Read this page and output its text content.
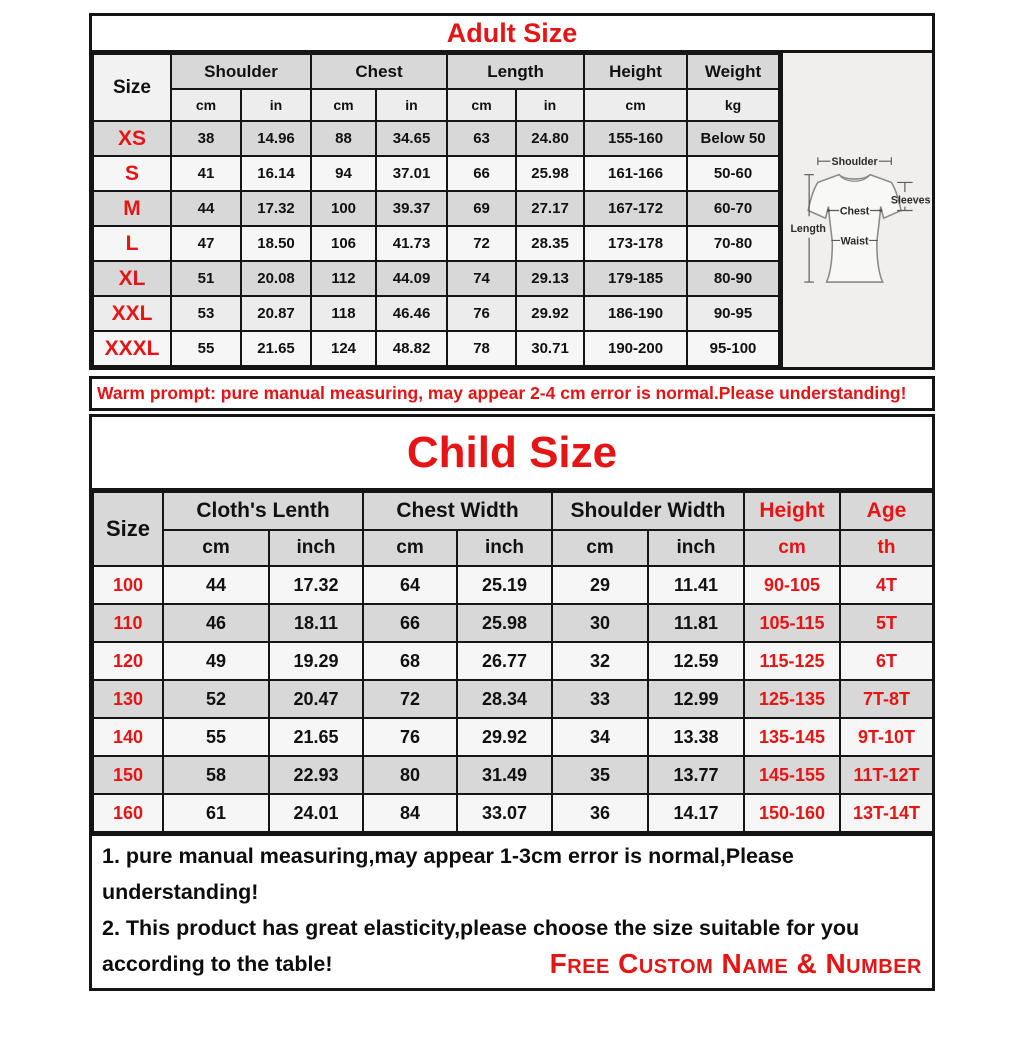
Adult Size
Size	Shoulder		Chest		Length		Height	Weight
	cm	in	cm	in	cm	in	cm	kg
XS	38	14.96	88	34.65	63	24.80	155-160	Below 50
S	41	16.14	94	37.01	66	25.98	161-166	50-60
M	44	17.32	100	39.37	69	27.17	167-172	60-70
L	47	18.50	106	41.73	72	28.35	173-178	70-80
XL	51	20.08	112	44.09	74	29.13	179-185	80-90
XXL	53	20.87	118	46.46	76	29.92	186-190	90-95
XXXL	55	21.65	124	48.82	78	30.71	190-200	95-100
Shoulder
Sleeves
Chest
Length
Waist
Warm prompt: pure manual measuring, may appear 2-4 cm error is normal.Please understanding!
Child Size
Size	Cloth's Lenth		Chest Width		Shoulder Width		Height	Age
	cm	inch	cm	inch	cm	inch	cm	th
100	44	17.32	64	25.19	29	11.41	90-105	4T
110	46	18.11	66	25.98	30	11.81	105-115	5T
120	49	19.29	68	26.77	32	12.59	115-125	6T
130	52	20.47	72	28.34	33	12.99	125-135	7T-8T
140	55	21.65	76	29.92	34	13.38	135-145	9T-10T
150	58	22.93	80	31.49	35	13.77	145-155	11T-12T
160	61	24.01	84	33.07	36	14.17	150-160	13T-14T

1. pure manual measuring,may appear 1-3cm error is normal,Please understanding!

2. This product has great elasticity,please choose the size suitable for you according to the table!	Free Custom Name & Number
